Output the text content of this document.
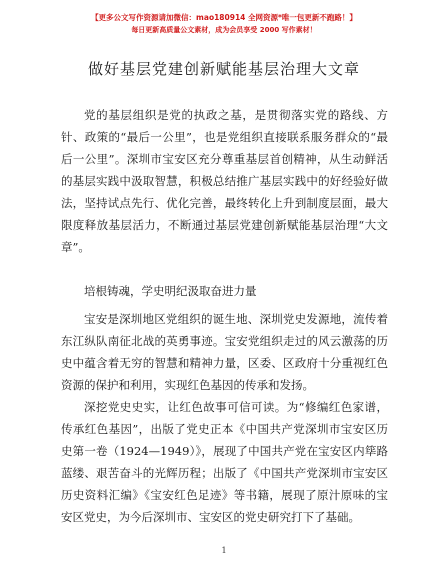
【更多公文写作资源请加微信：mao180914 全网资源*唯一包更新不跑路！】
每日更新高质量公文素材，成为会员享受 2000 写作素材！
做好基层党建创新赋能基层治理大文章

党的基层组织是党的执政之基，是贯彻落实党的路线、方针、政策的“最后一公里”，也是党组织直接联系服务群众的“最后一公里”。深圳市宝安区充分尊重基层首创精神，从生动鲜活的基层实践中汲取智慧，积极总结推广基层实践中的好经验好做法，坚持试点先行、优化完善，最终转化上升到制度层面，最大限度释放基层活力，不断通过基层党建创新赋能基层治理“大文章”。

培根铸魂，学史明纪汲取奋进力量

宝安是深圳地区党组织的诞生地、深圳党史发源地，流传着东江纵队南征北战的英勇事迹。宝安党组织走过的风云激荡的历史中蕴含着无穷的智慧和精神力量，区委、区政府十分重视红色资源的保护和利用，实现红色基因的传承和发扬。

深挖党史史实，让红色故事可信可读。为“修编红色家谱，传承红色基因”，出版了党史正本《中国共产党深圳市宝安区历史第一卷（1924—1949）》，展现了中国共产党在宝安区内筚路蓝缕、艰苦奋斗的光辉历程；出版了《中国共产党深圳市宝安区历史资料汇编》《宝安红色足迹》等书籍，展现了原汁原味的宝安区党史，为今后深圳市、宝安区的党史研究打下了基础。

1
